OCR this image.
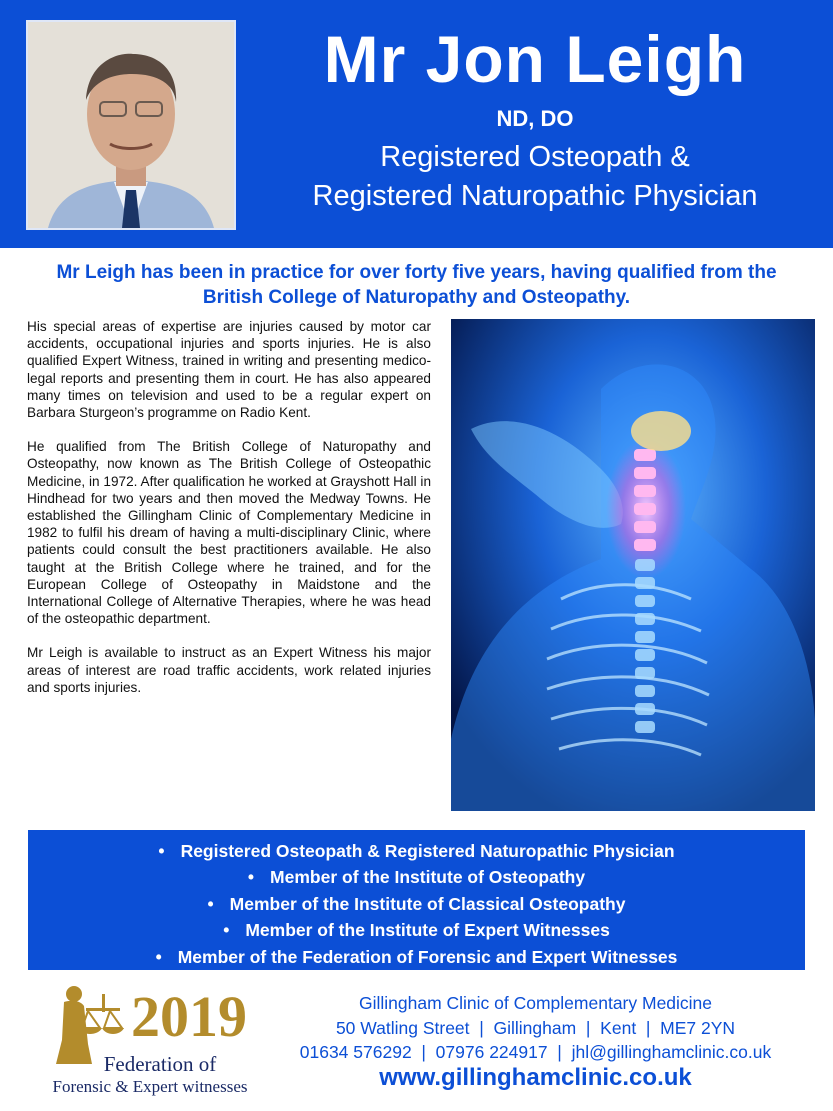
Mr Jon Leigh
ND, DO
Registered Osteopath &
Registered Naturopathic Physician
Mr Leigh has been in practice for over forty five years, having qualified from the British College of Naturopathy and Osteopathy.

His special areas of expertise are injuries caused by motor car accidents, occupational injuries and sports injuries. He is also qualified Expert Witness, trained in writing and presenting medico-legal reports and presenting them in court. He has also appeared many times on television and used to be a regular expert on Barbara Sturgeon’s programme on Radio Kent.

He qualified from The British College of Naturopathy and Osteopathy, now known as The British College of Osteopathic Medicine, in 1972. After qualification he worked at Grayshott Hall in Hindhead for two years and then moved the Medway Towns. He established the Gillingham Clinic of Complementary Medicine in 1982 to fulfil his dream of having a multi-disciplinary Clinic, where patients could consult the best practitioners available. He also taught at the British College where he trained, and for the European College of Osteopathy in Maidstone and the International College of Alternative Therapies, where he was head of the osteopathic department.

Mr Leigh is available to instruct as an Expert Witness his major areas of interest are road traffic accidents, work related injuries and sports injuries.

• Registered Osteopath & Registered Naturopathic Physician
• Member of the Institute of Osteopathy
• Member of the Institute of Classical Osteopathy
• Member of the Institute of Expert Witnesses
• Member of the Federation of Forensic and Expert Witnesses
2019
Federation of
Forensic & Expert witnesses
Gillingham Clinic of Complementary Medicine
50 Watling Street  |  Gillingham  |  Kent  |  ME7 2YN
01634 576292  |  07976 224917  |  jhl@gillinghamclinic.co.uk
www.gillinghamclinic.co.uk
